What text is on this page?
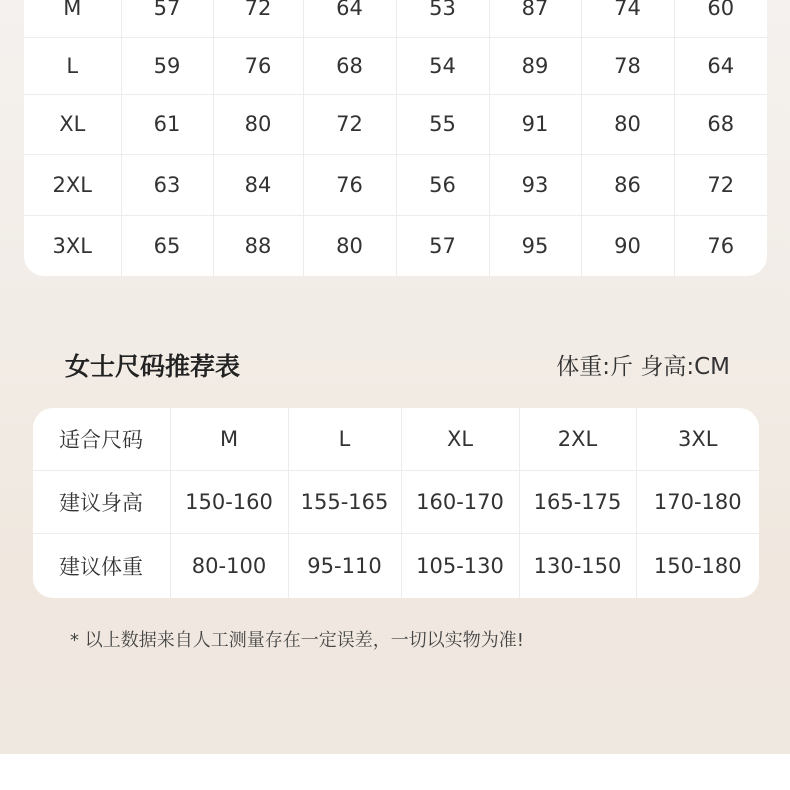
M	57	72	64	53	87	74	60
L	59	76	68	54	89	78	64
XL	61	80	72	55	91	80	68
2XL	63	84	76	56	93	86	72
3XL	65	88	80	57	95	90	76
女士尺码推荐表	体重:斤 身高:CM
适合尺码	M	L	XL	2XL	3XL
建议身高	150-160	155-165	160-170	165-175	170-180
建议体重	80-100	95-110	105-130	130-150	150-180
* 以上数据来自人工测量存在一定误差，一切以实物为准!
